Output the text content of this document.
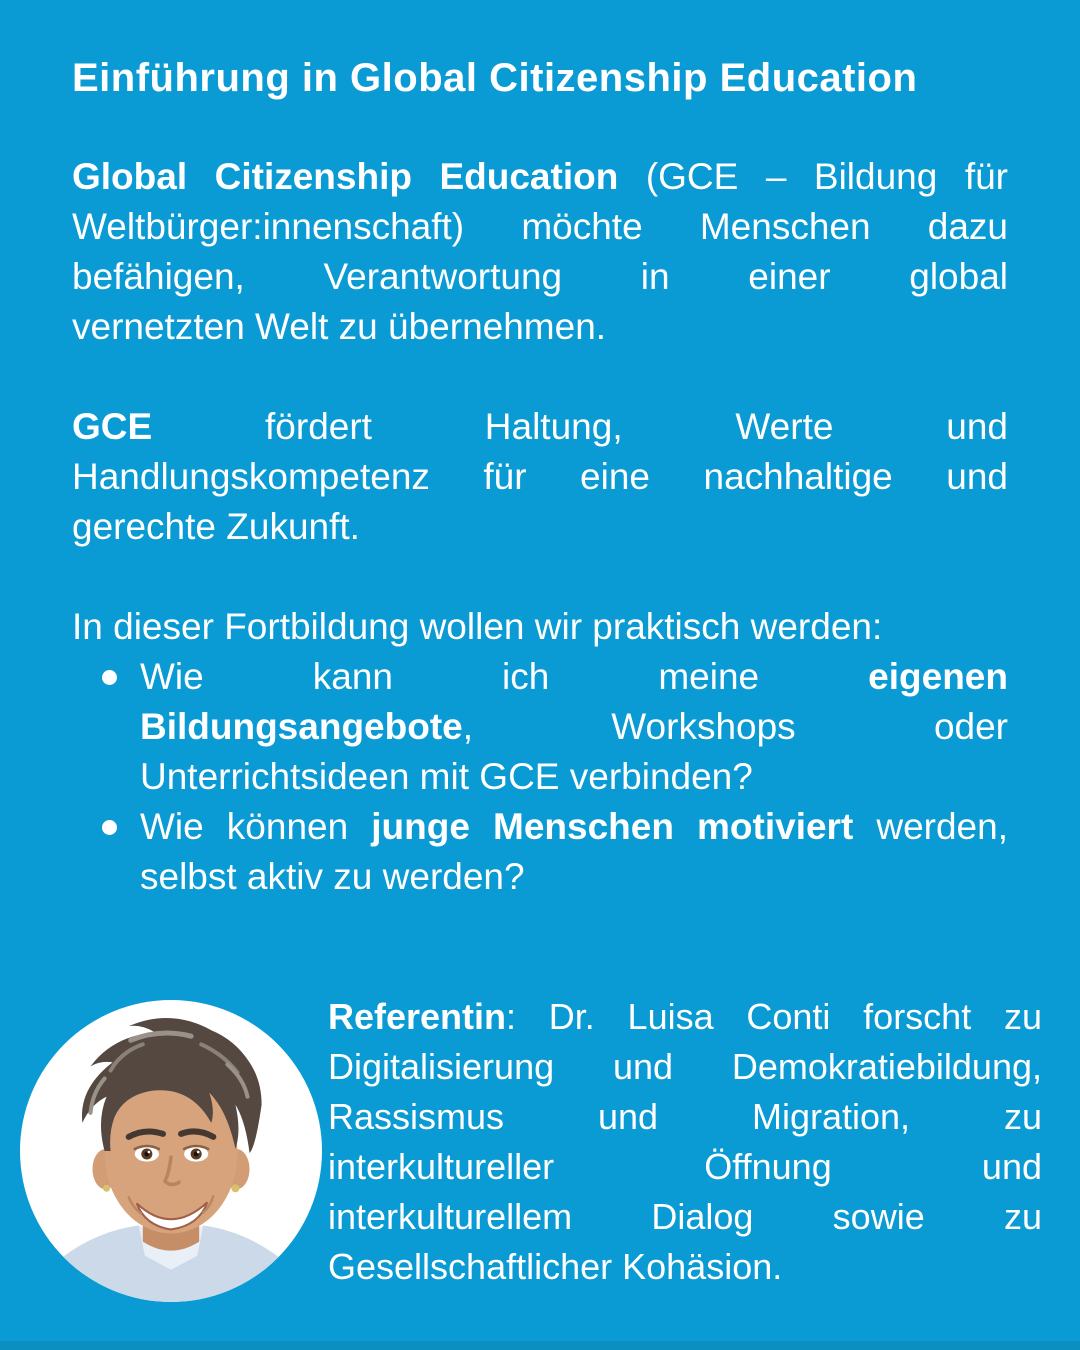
Einführung in Global Citizenship Education
Global Citizenship Education (GCE – Bildung für
Weltbürger:innenschaft) möchte Menschen dazu
befähigen, Verantwortung in einer global
vernetzten Welt zu übernehmen.
GCE fördert Haltung, Werte und
Handlungskompetenz für eine nachhaltige und
gerechte Zukunft.
In dieser Fortbildung wollen wir praktisch werden:
Wie kann ich meine eigenen
Bildungsangebote, Workshops oder
Unterrichtsideen mit GCE verbinden?
Wie können junge Menschen motiviert werden,
selbst aktiv zu werden?
Referentin: Dr. Luisa Conti forscht zu
Digitalisierung und Demokratiebildung,
Rassismus und Migration, zu
interkultureller Öffnung und
interkulturellem Dialog sowie zu
Gesellschaftlicher Kohäsion.
